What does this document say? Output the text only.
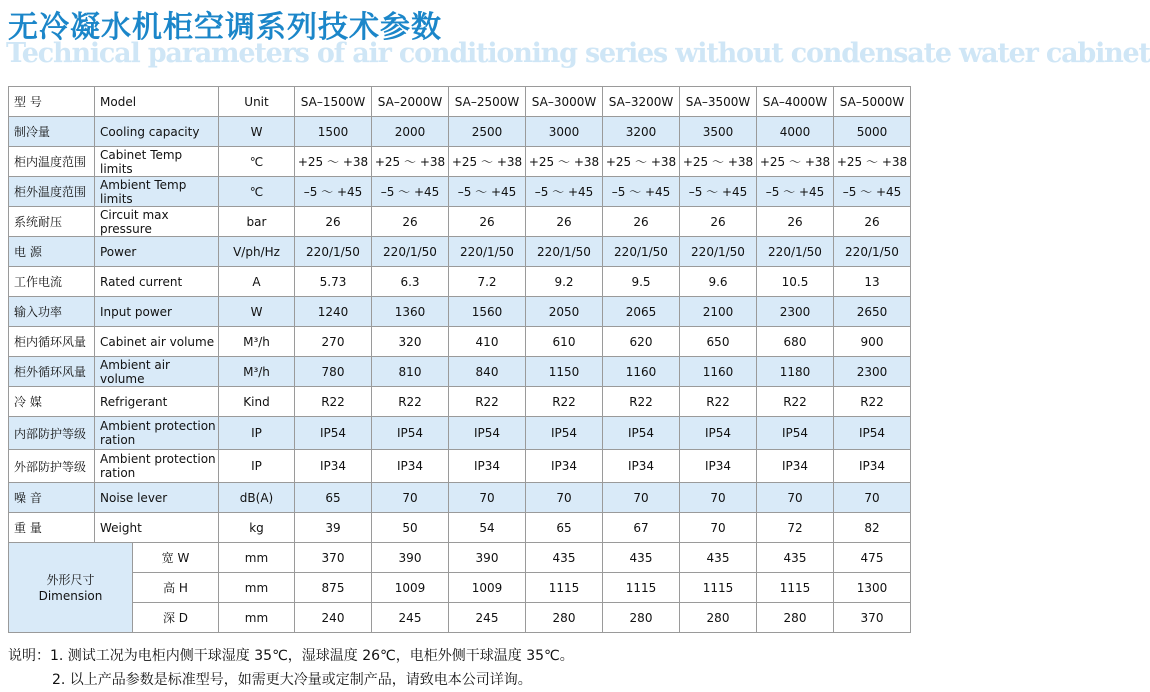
无冷凝水机柜空调系列技术参数
Technical parameters of air conditioning series without condensate water cabinet
型 号	Model		Unit	SA–1500W	SA–2000W	SA–2500W	SA–3000W	SA–3200W	SA–3500W	SA–4000W	SA–5000W
制冷量	Cooling capacity		W	1500	2000	2500	3000	3200	3500	4000	5000
柜内温度范围	Cabinet Temp limits		℃	+25 ～ +38	+25 ～ +38	+25 ～ +38	+25 ～ +38	+25 ～ +38	+25 ～ +38	+25 ～ +38	+25 ～ +38
柜外温度范围	Ambient Temp limits		℃	–5 ～ +45	–5 ～ +45	–5 ～ +45	–5 ～ +45	–5 ～ +45	–5 ～ +45	–5 ～ +45	–5 ～ +45
系统耐压	Circuit max pressure		bar	26	26	26	26	26	26	26	26
电 源	Power		V/ph/Hz	220/1/50	220/1/50	220/1/50	220/1/50	220/1/50	220/1/50	220/1/50	220/1/50
工作电流	Rated current		A	5.73	6.3	7.2	9.2	9.5	9.6	10.5	13
输入功率	Input power		W	1240	1360	1560	2050	2065	2100	2300	2650
柜内循环风量	Cabinet air volume		M³/h	270	320	410	610	620	650	680	900
柜外循环风量	Ambient air volume		M³/h	780	810	840	1150	1160	1160	1180	2300
冷 媒	Refrigerant		Kind	R22	R22	R22	R22	R22	R22	R22	R22
内部防护等级	Ambient protection ration		IP	IP54	IP54	IP54	IP54	IP54	IP54	IP54	IP54
外部防护等级	Ambient protection ration		IP	IP34	IP34	IP34	IP34	IP34	IP34	IP34	IP34
噪 音	Noise lever		dB(A)	65	70	70	70	70	70	70	70
重 量	Weight		kg	39	50	54	65	67	70	72	82

外形尺寸
Dimension		宽 W	mm	370	390	390	435	435	435	435	475
		高 H	mm	875	1009	1009	1115	1115	1115	1115	1300
		深 D	mm	240	245	245	280	280	280	280	370
说明：1. 测试工况为电柜内侧干球湿度 35℃，湿球温度 26℃，电柜外侧干球温度 35℃。
2. 以上产品参数是标准型号，如需更大冷量或定制产品，请致电本公司详询。
